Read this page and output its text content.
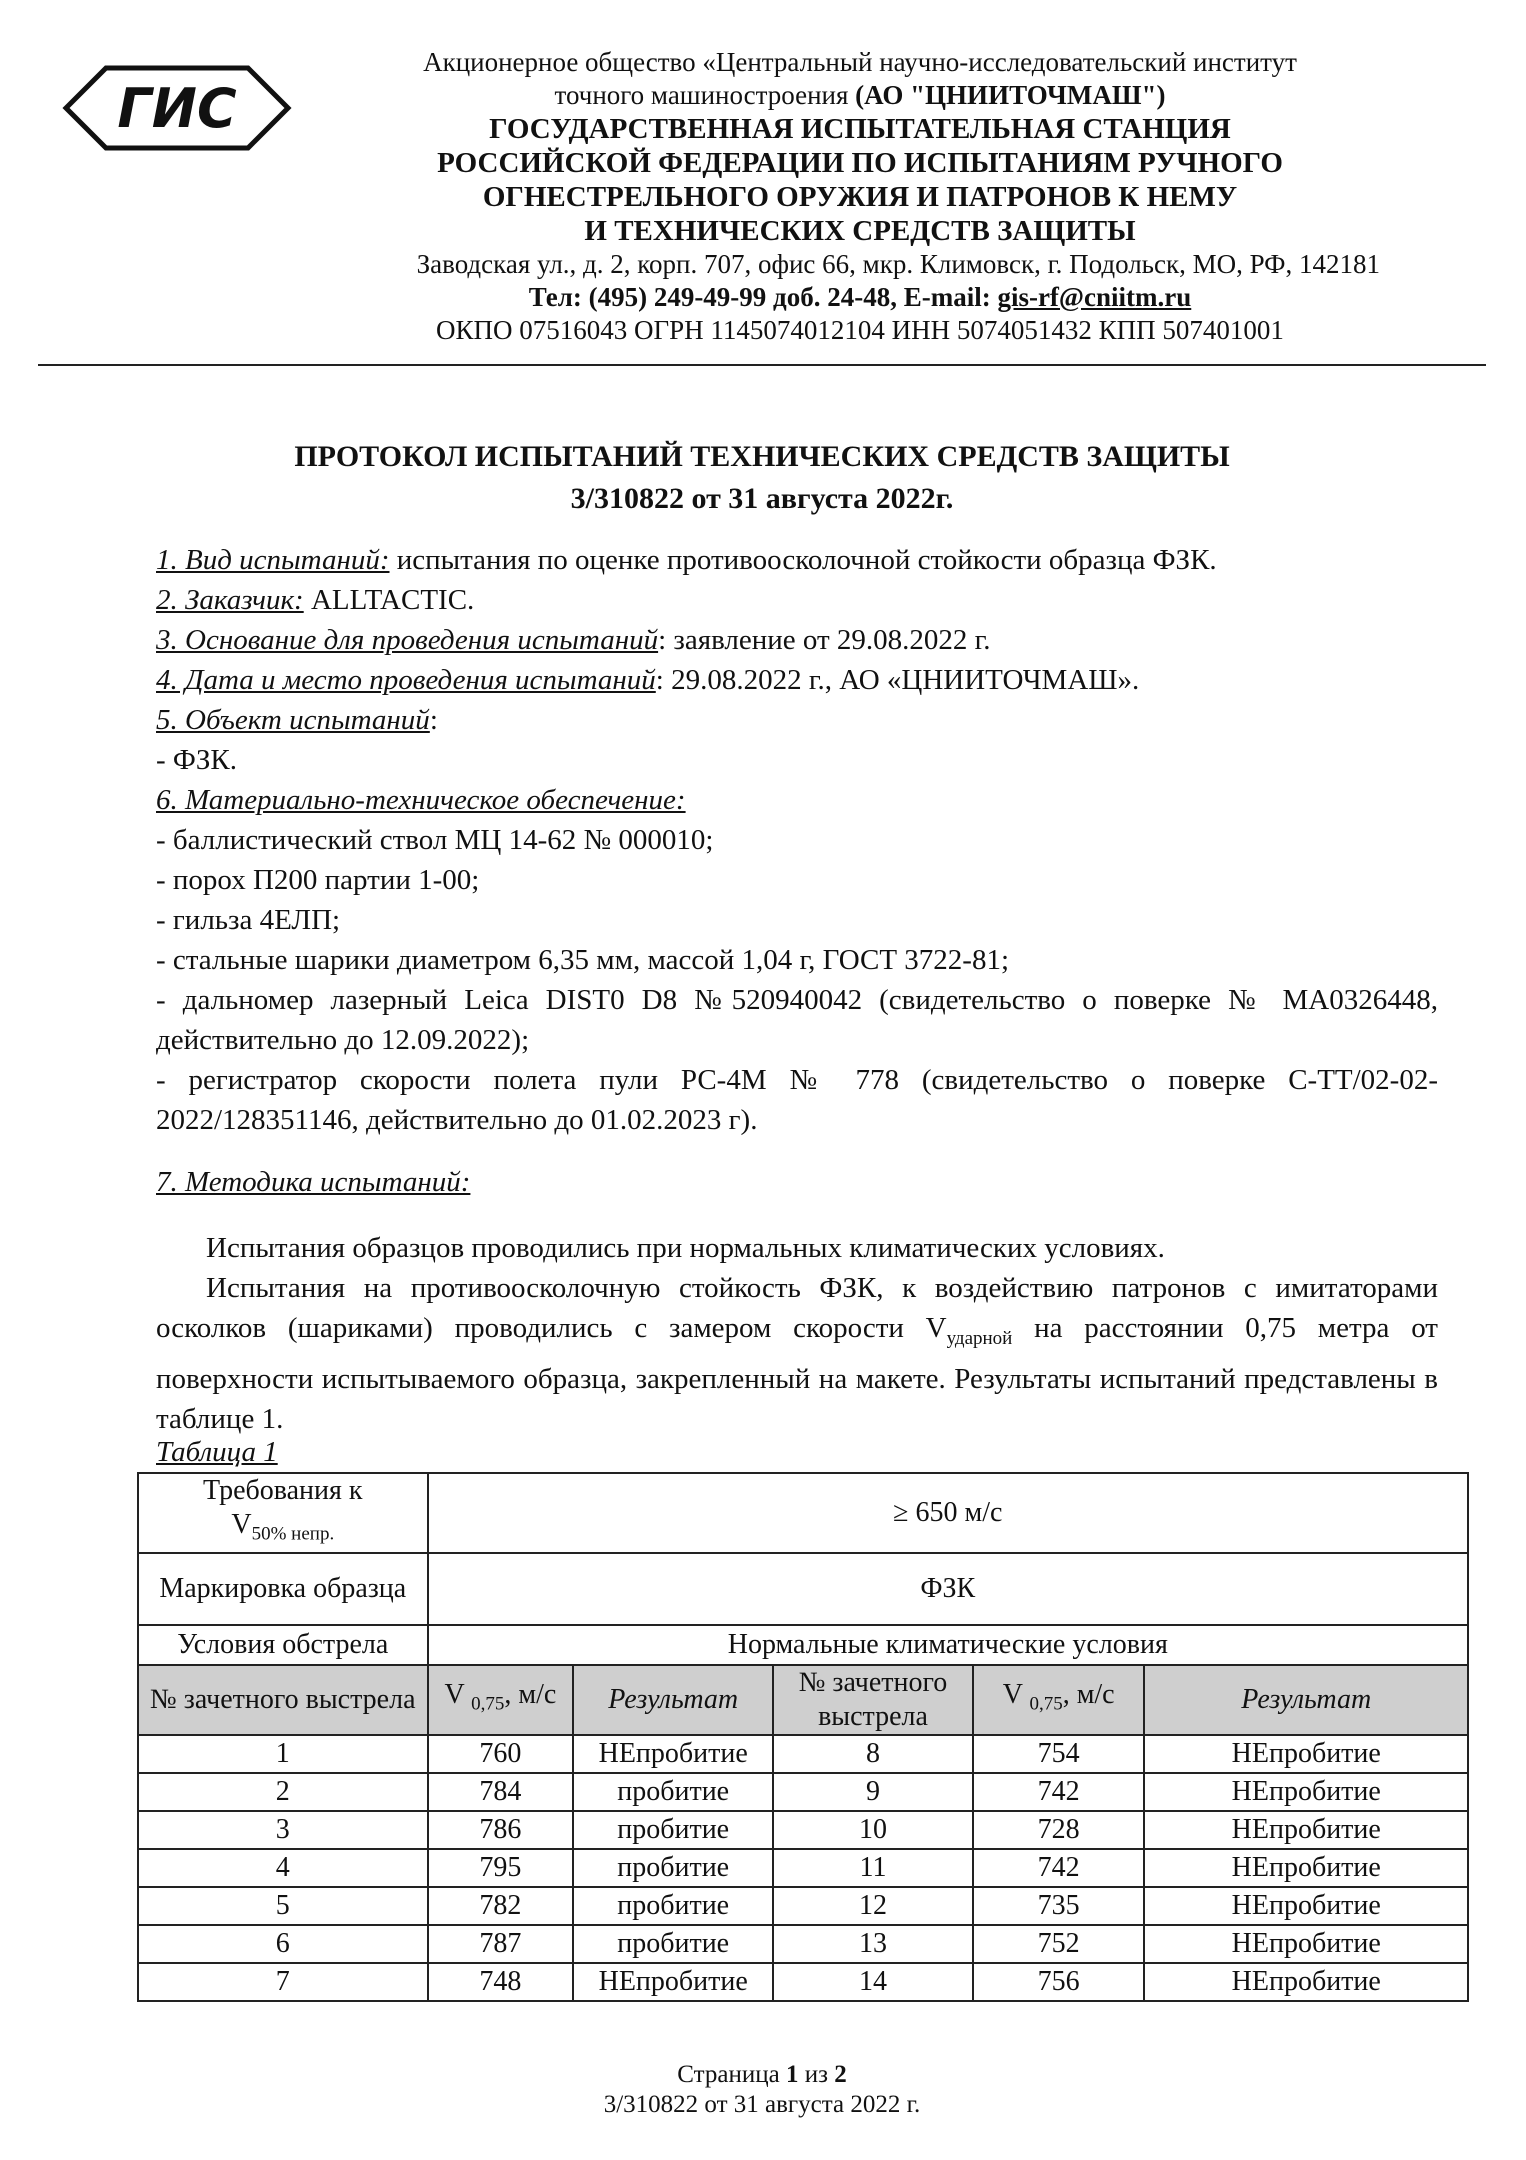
ГИС
Акционерное общество «Центральный научно-исследовательский институт
точного машиностроения (АО "ЦНИИТОЧМАШ")
ГОСУДАРСТВЕННАЯ ИСПЫТАТЕЛЬНАЯ СТАНЦИЯ
РОССИЙСКОЙ ФЕДЕРАЦИИ ПО ИСПЫТАНИЯМ РУЧНОГО
ОГНЕСТРЕЛЬНОГО ОРУЖИЯ И ПАТРОНОВ К НЕМУ
И ТЕХНИЧЕСКИХ СРЕДСТВ ЗАЩИТЫ
Заводская ул., д. 2, корп. 707, офис 66, мкр. Климовск, г. Подольск, МО, РФ, 142181
Тел: (495) 249-49-99 доб. 24-48, E-mail: gis-rf@cniitm.ru
ОКПО 07516043 ОГРН 1145074012104 ИНН 5074051432 КПП 507401001
ПРОТОКОЛ ИСПЫТАНИЙ ТЕХНИЧЕСКИХ СРЕДСТВ ЗАЩИТЫ
3/310822 от 31 августа 2022г.

1. Вид испытаний: испытания по оценке противоосколочной стойкости образца ФЗК.

2. Заказчик: ALLTACTIC.

3. Основание для проведения испытаний: заявление от 29.08.2022 г.

4. Дата и место проведения испытаний: 29.08.2022 г., АО «ЦНИИТОЧМАШ».

5. Объект испытаний:

- ФЗК.

6. Материально-техническое обеспечение:

- баллистический ствол МЦ 14-62 № 000010;

- порох П200 партии 1-00;

- гильза 4ЕЛП;

- стальные шарики диаметром 6,35 мм, массой 1,04 г, ГОСТ 3722-81;

- дальномер лазерный Leica DIST0 D8 №520940042 (свидетельство о поверке № МА0326448, действительно до 12.09.2022);

- регистратор скорости полета пули РС-4М № 778 (свидетельство о поверке С-ТТ/02-02-2022/128351146, действительно до 01.02.2023 г).

7. Методика испытаний:

Испытания образцов проводились при нормальных климатических условиях.

Испытания на противоосколочную стойкость ФЗК, к воздействию патронов с имитаторами осколков (шариками) проводились с замером скорости $V_{ударной}$ на расстоянии 0,75 метра от поверхности испытываемого образца, закрепленный на макете. Результаты испытаний представлены в таблице 1.

Таблица 1
Требования к
$V_{50\% непр.}$	≥ 650 м/с				
Маркировка образца	ФЗК				
Условия обстрела	Нормальные климатические условия				
№ зачетного выстрела	V $_{0,75}$, м/с	Результат	№ зачетного выстрела	V $_{0,75}$, м/с	Результат
1	760	НЕпробитие	8	754	НЕпробитие
2	784	пробитие	9	742	НЕпробитие
3	786	пробитие	10	728	НЕпробитие
4	795	пробитие	11	742	НЕпробитие
5	782	пробитие	12	735	НЕпробитие
6	787	пробитие	13	752	НЕпробитие
7	748	НЕпробитие	14	756	НЕпробитие
Страница 1 из 2
3/310822 от 31 августа 2022 г.
